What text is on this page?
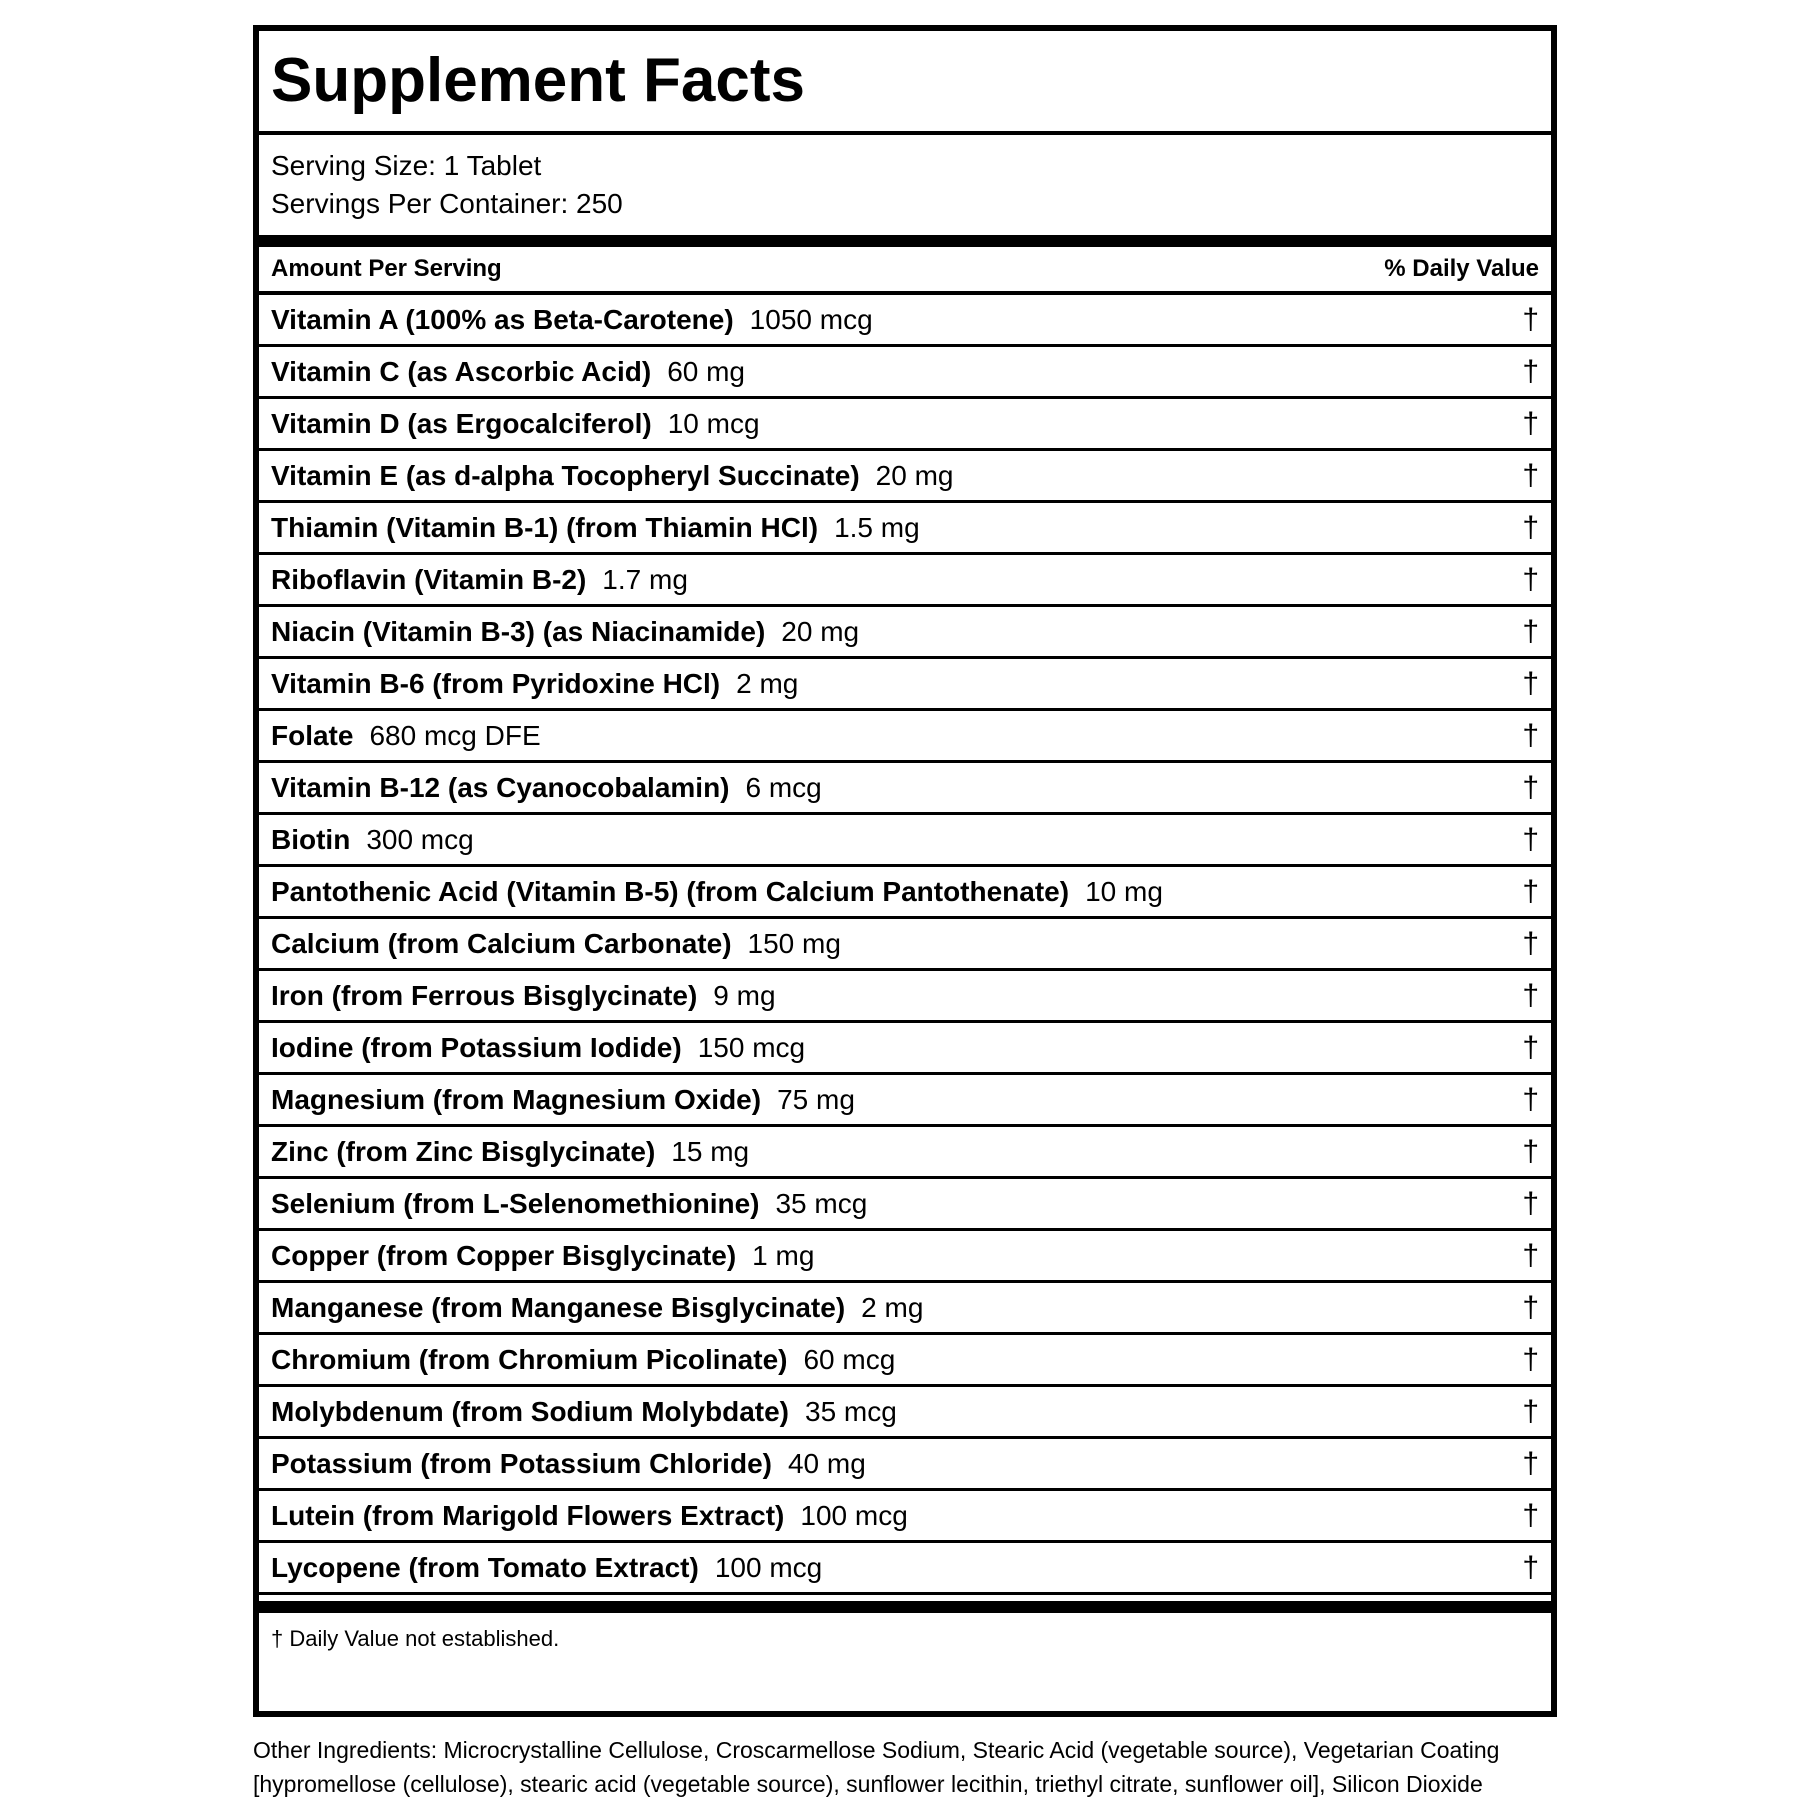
Supplement Facts
Serving Size: 1 Tablet
Servings Per Container: 250
Amount Per Serving	% Daily Value
Vitamin A (100% as Beta-Carotene) 1050 mcg	†
Vitamin C (as Ascorbic Acid) 60 mg	†
Vitamin D (as Ergocalciferol) 10 mcg	†
Vitamin E (as d-alpha Tocopheryl Succinate) 20 mg	†
Thiamin (Vitamin B-1) (from Thiamin HCl) 1.5 mg	†
Riboflavin (Vitamin B-2) 1.7 mg	†
Niacin (Vitamin B-3) (as Niacinamide) 20 mg	†
Vitamin B-6 (from Pyridoxine HCl) 2 mg	†
Folate 680 mcg DFE	†
Vitamin B-12 (as Cyanocobalamin) 6 mcg	†
Biotin 300 mcg	†
Pantothenic Acid (Vitamin B-5) (from Calcium Pantothenate) 10 mg	†
Calcium (from Calcium Carbonate) 150 mg	†
Iron (from Ferrous Bisglycinate) 9 mg	†
Iodine (from Potassium Iodide) 150 mcg	†
Magnesium (from Magnesium Oxide) 75 mg	†
Zinc (from Zinc Bisglycinate) 15 mg	†
Selenium (from L-Selenomethionine) 35 mcg	†
Copper (from Copper Bisglycinate) 1 mg	†
Manganese (from Manganese Bisglycinate) 2 mg	†
Chromium (from Chromium Picolinate) 60 mcg	†
Molybdenum (from Sodium Molybdate) 35 mcg	†
Potassium (from Potassium Chloride) 40 mg	†
Lutein (from Marigold Flowers Extract) 100 mcg	†
Lycopene (from Tomato Extract) 100 mcg	†
† Daily Value not established.
Other Ingredients: Microcrystalline Cellulose, Croscarmellose Sodium, Stearic Acid (vegetable source), Vegetarian Coating [hypromellose (cellulose), stearic acid (vegetable source), sunflower lecithin, triethyl citrate, sunflower oil], Silicon Dioxide
